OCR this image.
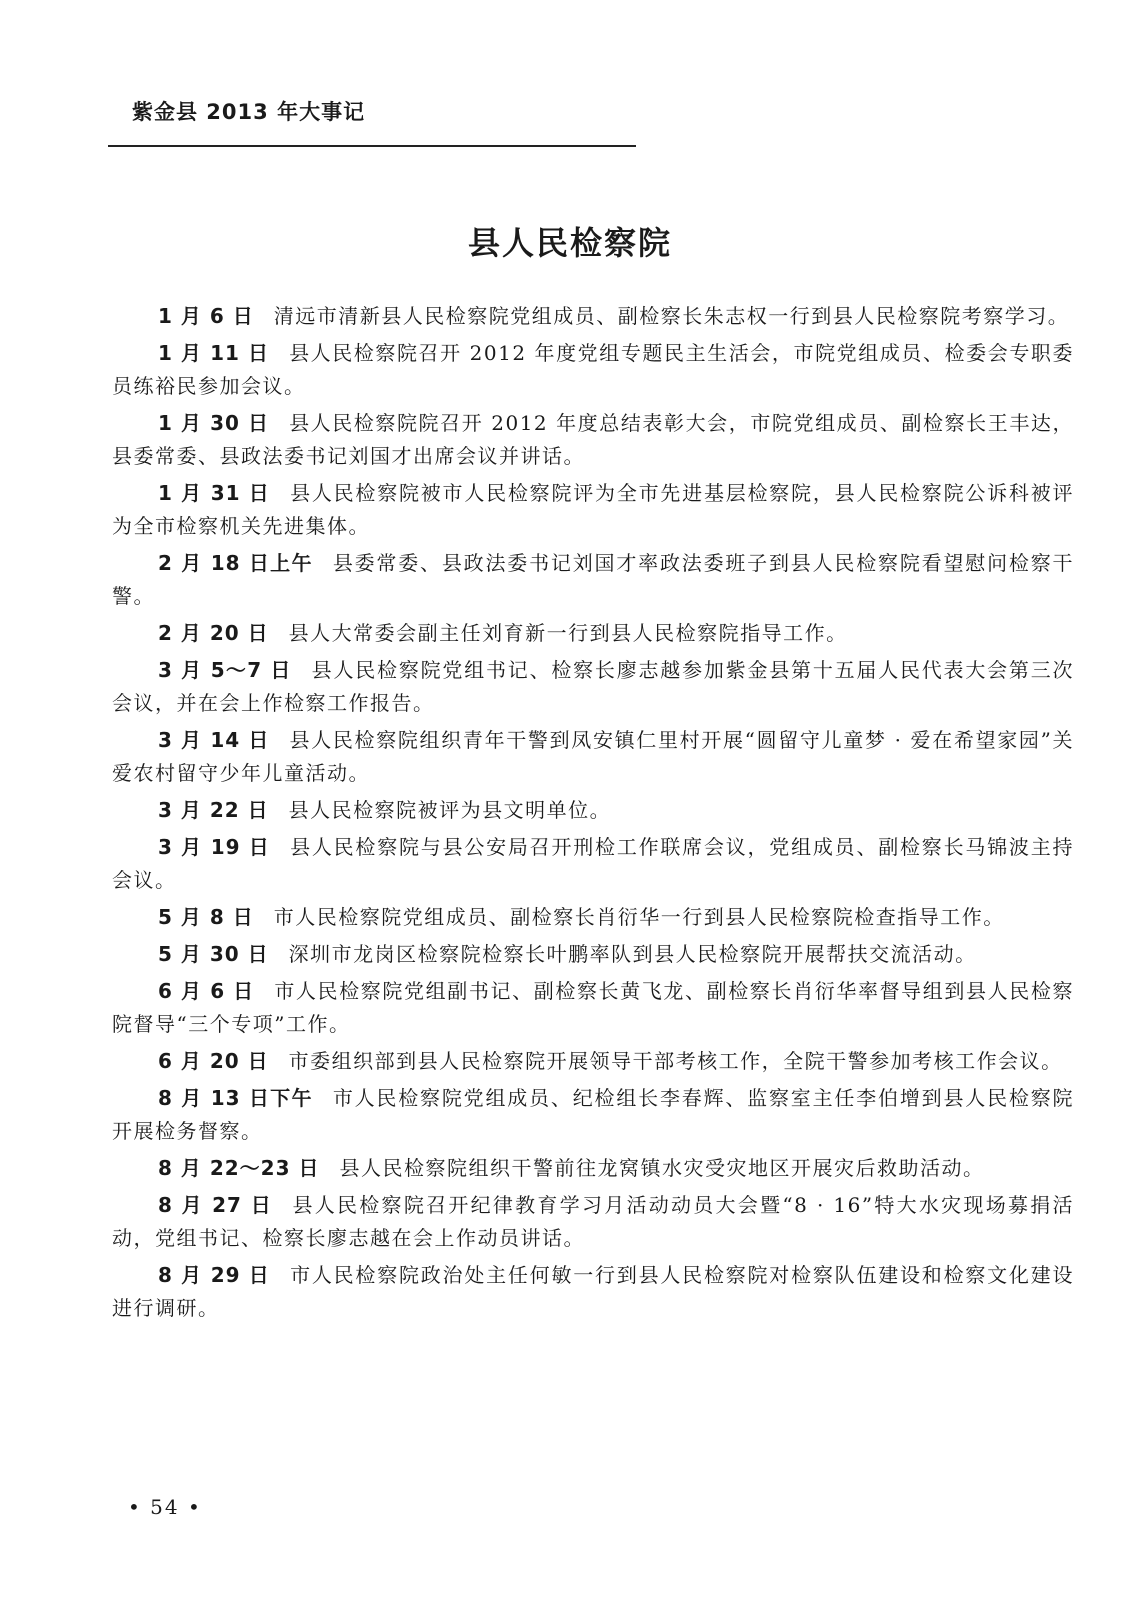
紫金县 2013 年大事记
县人民检察院

1 月 6 日 清远市清新县人民检察院党组成员、副检察长朱志权一行到县人民检察院考察学习。

1 月 11 日 县人民检察院召开 2012 年度党组专题民主生活会，市院党组成员、检委会专职委员练裕民参加会议。

1 月 30 日 县人民检察院院召开 2012 年度总结表彰大会，市院党组成员、副检察长王丰达，县委常委、县政法委书记刘国才出席会议并讲话。

1 月 31 日 县人民检察院被市人民检察院评为全市先进基层检察院，县人民检察院公诉科被评为全市检察机关先进集体。

2 月 18 日上午 县委常委、县政法委书记刘国才率政法委班子到县人民检察院看望慰问检察干警。

2 月 20 日 县人大常委会副主任刘育新一行到县人民检察院指导工作。

3 月 5～7 日 县人民检察院党组书记、检察长廖志越参加紫金县第十五届人民代表大会第三次会议，并在会上作检察工作报告。

3 月 14 日 县人民检察院组织青年干警到凤安镇仁里村开展“圆留守儿童梦 · 爱在希望家园”关爱农村留守少年儿童活动。

3 月 22 日 县人民检察院被评为县文明单位。

3 月 19 日 县人民检察院与县公安局召开刑检工作联席会议，党组成员、副检察长马锦波主持会议。

5 月 8 日 市人民检察院党组成员、副检察长肖衍华一行到县人民检察院检查指导工作。

5 月 30 日 深圳市龙岗区检察院检察长叶鹏率队到县人民检察院开展帮扶交流活动。

6 月 6 日 市人民检察院党组副书记、副检察长黄飞龙、副检察长肖衍华率督导组到县人民检察院督导“三个专项”工作。

6 月 20 日 市委组织部到县人民检察院开展领导干部考核工作，全院干警参加考核工作会议。

8 月 13 日下午 市人民检察院党组成员、纪检组长李春辉、监察室主任李伯增到县人民检察院开展检务督察。

8 月 22～23 日 县人民检察院组织干警前往龙窝镇水灾受灾地区开展灾后救助活动。

8 月 27 日 县人民检察院召开纪律教育学习月活动动员大会暨“8 · 16”特大水灾现场募捐活动，党组书记、检察长廖志越在会上作动员讲话。

8 月 29 日 市人民检察院政治处主任何敏一行到县人民检察院对检察队伍建设和检察文化建设进行调研。

• 54 •
